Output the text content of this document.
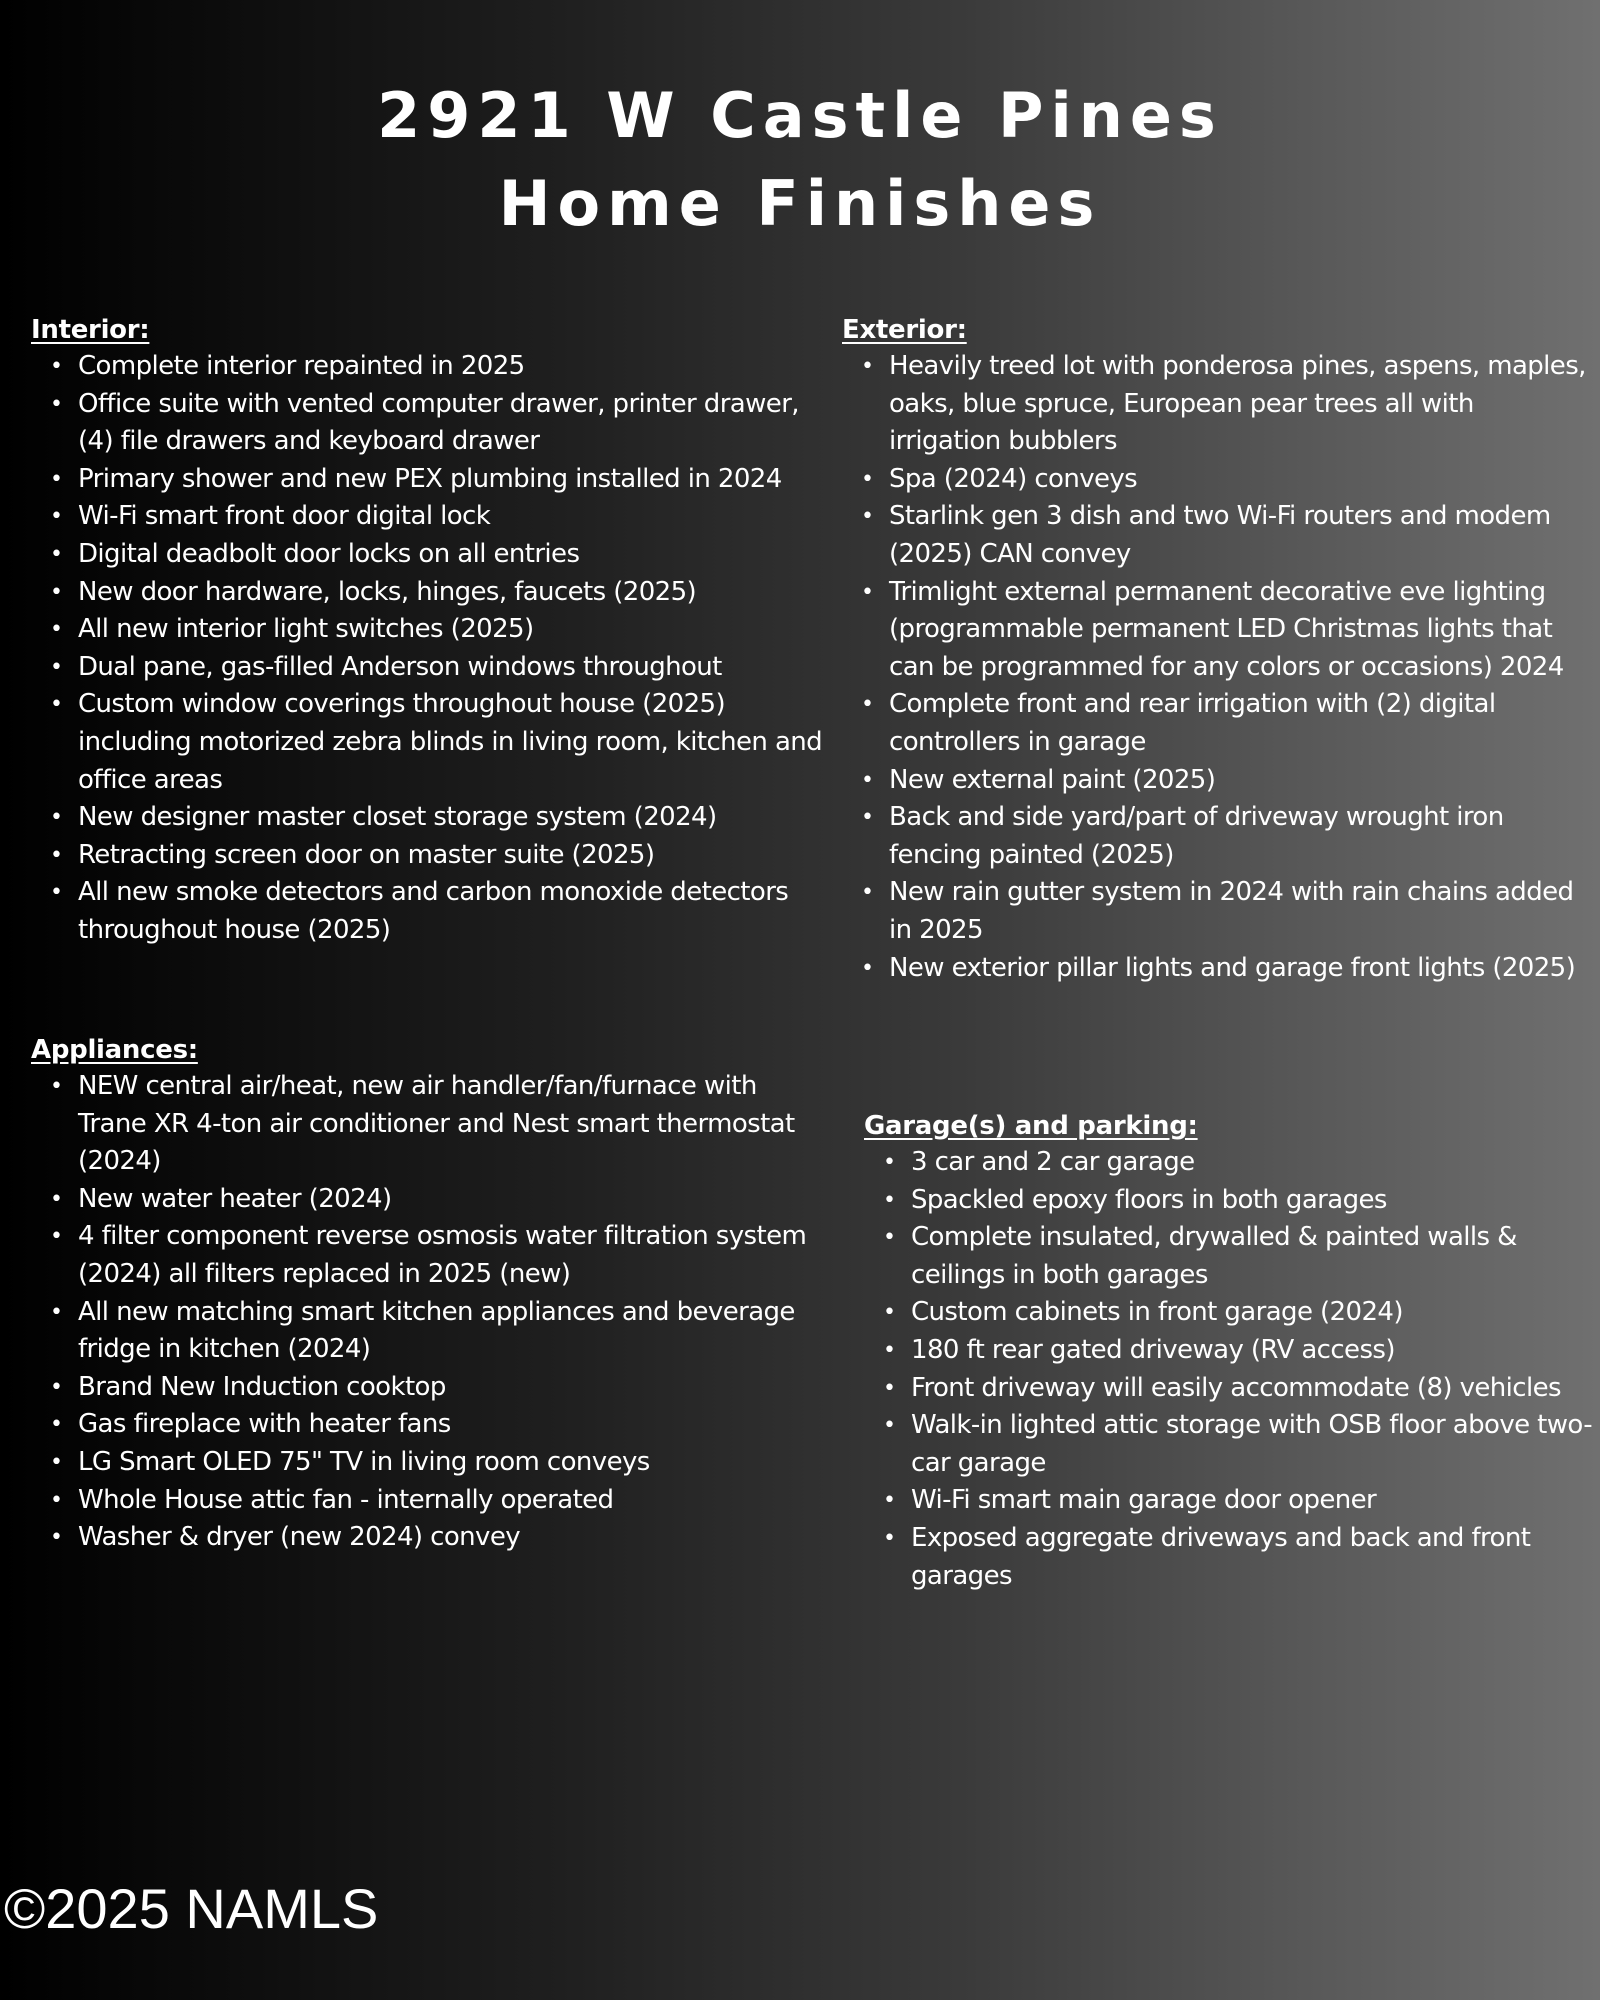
2921 W Castle Pines
Home Finishes
Interior:
• Complete interior repainted in 2025
• Office suite with vented computer drawer, printer drawer, (4) file drawers and keyboard drawer
• Primary shower and new PEX plumbing installed in 2024
• Wi-Fi smart front door digital lock
• Digital deadbolt door locks on all entries
• New door hardware, locks, hinges, faucets (2025)
• All new interior light switches (2025)
• Dual pane, gas-filled Anderson windows throughout
• Custom window coverings throughout house (2025) including motorized zebra blinds in living room, kitchen and office areas
• New designer master closet storage system (2024)
• Retracting screen door on master suite (2025)
• All new smoke detectors and carbon monoxide detectors throughout house (2025)
Appliances:
• NEW central air/heat, new air handler/fan/furnace with Trane XR 4-ton air conditioner and Nest smart thermostat (2024)
• New water heater (2024)
• 4 filter component reverse osmosis water filtration system (2024) all filters replaced in 2025 (new)
• All new matching smart kitchen appliances and beverage fridge in kitchen (2024)
• Brand New Induction cooktop
• Gas fireplace with heater fans
• LG Smart OLED 75" TV in living room conveys
• Whole House attic fan - internally operated
• Washer & dryer (new 2024) convey
Exterior:
• Heavily treed lot with ponderosa pines, aspens, maples, oaks, blue spruce, European pear trees all with irrigation bubblers
• Spa (2024) conveys
• Starlink gen 3 dish and two Wi-Fi routers and modem (2025) CAN convey
• Trimlight external permanent decorative eve lighting (programmable permanent LED Christmas lights that can be programmed for any colors or occasions) 2024
• Complete front and rear irrigation with (2) digital controllers in garage
• New external paint (2025)
• Back and side yard/part of driveway wrought iron fencing painted (2025)
• New rain gutter system in 2024 with rain chains added in 2025
• New exterior pillar lights and garage front lights (2025)
Garage(s) and parking:
• 3 car and 2 car garage
• Spackled epoxy floors in both garages
• Complete insulated, drywalled & painted walls & ceilings in both garages
• Custom cabinets in front garage (2024)
• 180 ft rear gated driveway (RV access)
• Front driveway will easily accommodate (8) vehicles
• Walk-in lighted attic storage with OSB floor above two-car garage
• Wi-Fi smart main garage door opener
• Exposed aggregate driveways and back and front garages
©2025 NAMLS
